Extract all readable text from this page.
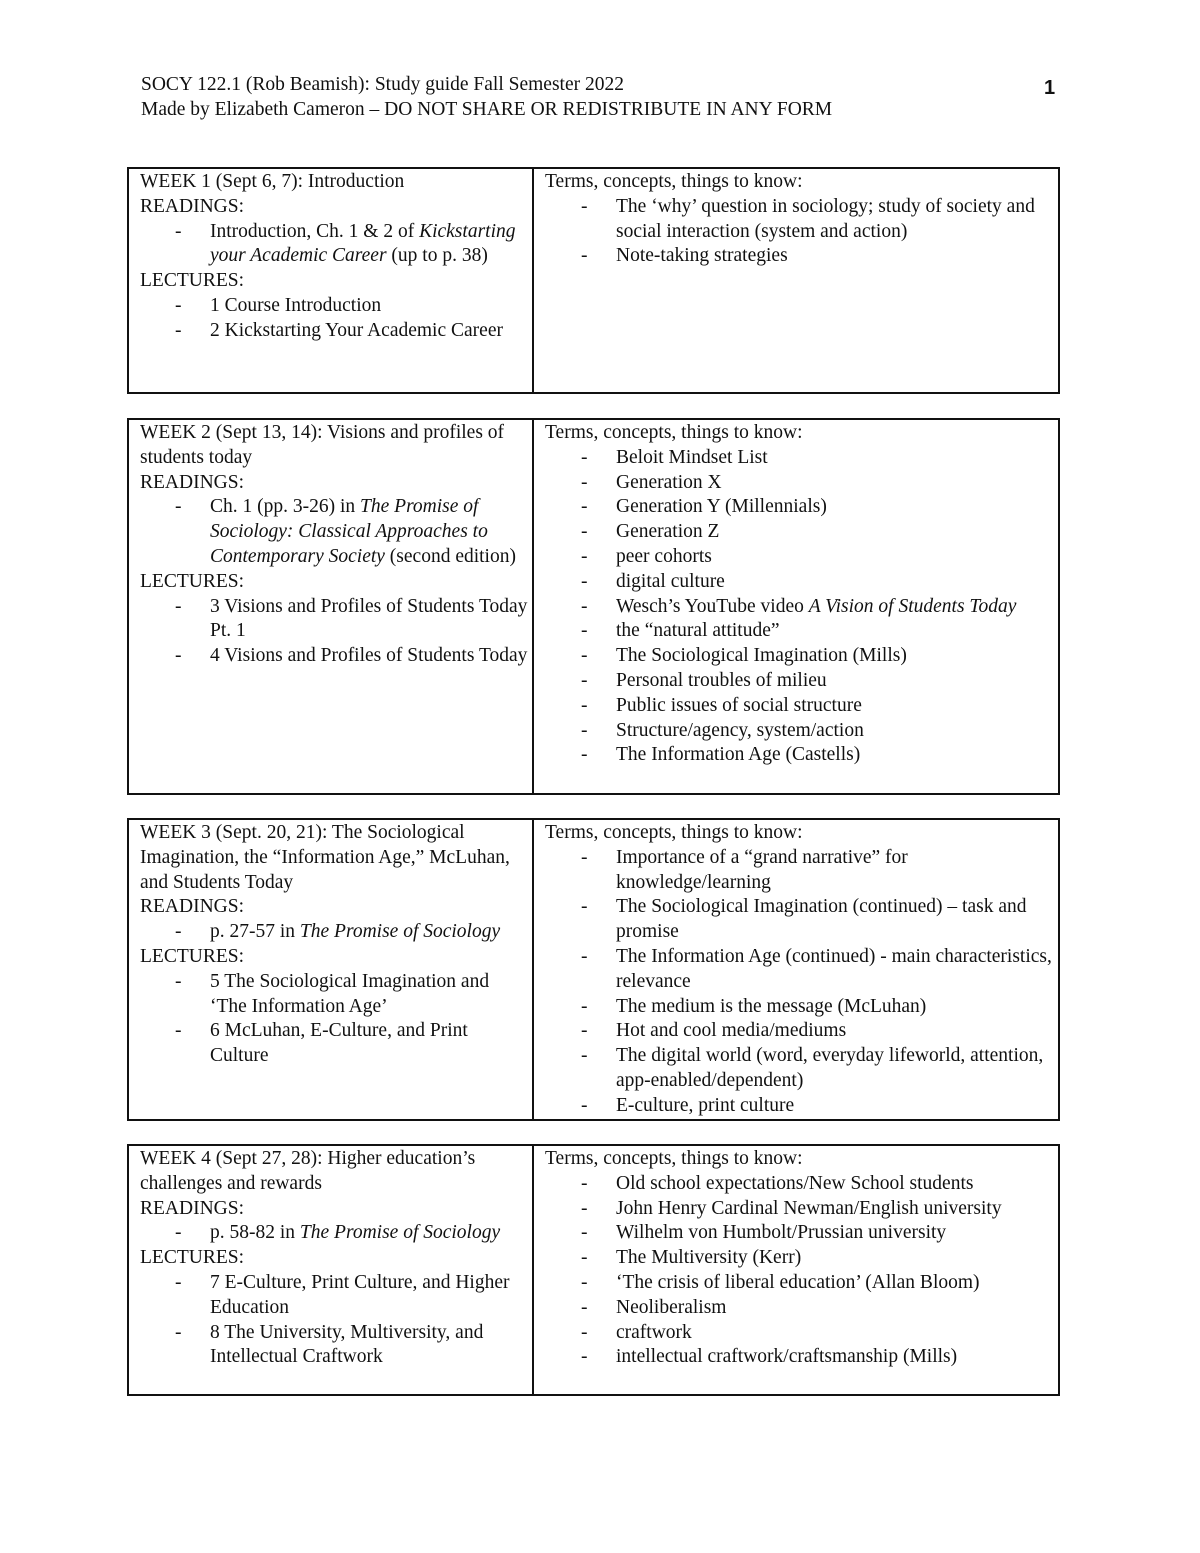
SOCY 122.1 (Rob Beamish): Study guide Fall Semester 2022
Made by Elizabeth Cameron – DO NOT SHARE OR REDISTRIBUTE IN ANY FORM
1
WEEK 1 (Sept 6, 7): Introduction
READINGS:
- Introduction, Ch. 1 & 2 of Kickstarting your Academic Career (up to p. 38)
LECTURES:
- 1 Course Introduction
- 2 Kickstarting Your Academic Career

Terms, concepts, things to know:
- The ‘why’ question in sociology; study of society and social interaction (system and action)
- Note-taking strategies
WEEK 2 (Sept 13, 14): Visions and profiles of students today
READINGS:
- Ch. 1 (pp. 3-26) in The Promise of Sociology: Classical Approaches to Contemporary Society (second edition)
LECTURES:
- 3 Visions and Profiles of Students Today Pt. 1
- 4 Visions and Profiles of Students Today

Terms, concepts, things to know:
- Beloit Mindset List
- Generation X
- Generation Y (Millennials)
- Generation Z
- peer cohorts
- digital culture
- Wesch’s YouTube video A Vision of Students Today
- the “natural attitude”
- The Sociological Imagination (Mills)
- Personal troubles of milieu
- Public issues of social structure
- Structure/agency, system/action
- The Information Age (Castells)
WEEK 3 (Sept. 20, 21): The Sociological Imagination, the “Information Age,” McLuhan, and Students Today
READINGS:
- p. 27-57 in The Promise of Sociology
LECTURES:
- 5 The Sociological Imagination and ‘The Information Age’
- 6 McLuhan, E-Culture, and Print Culture

Terms, concepts, things to know:
- Importance of a “grand narrative” for knowledge/learning
- The Sociological Imagination (continued) – task and promise
- The Information Age (continued) - main characteristics, relevance
- The medium is the message (McLuhan)
- Hot and cool media/mediums
- The digital world (word, everyday lifeworld, attention, app-enabled/dependent)
- E-culture, print culture
WEEK 4 (Sept 27, 28): Higher education’s challenges and rewards
READINGS:
- p. 58-82 in The Promise of Sociology
LECTURES:
- 7 E-Culture, Print Culture, and Higher Education
- 8 The University, Multiversity, and Intellectual Craftwork

Terms, concepts, things to know:
- Old school expectations/New School students
- John Henry Cardinal Newman/English university
- Wilhelm von Humbolt/Prussian university
- The Multiversity (Kerr)
- ‘The crisis of liberal education’ (Allan Bloom)
- Neoliberalism
- craftwork
- intellectual craftwork/craftsmanship (Mills)
